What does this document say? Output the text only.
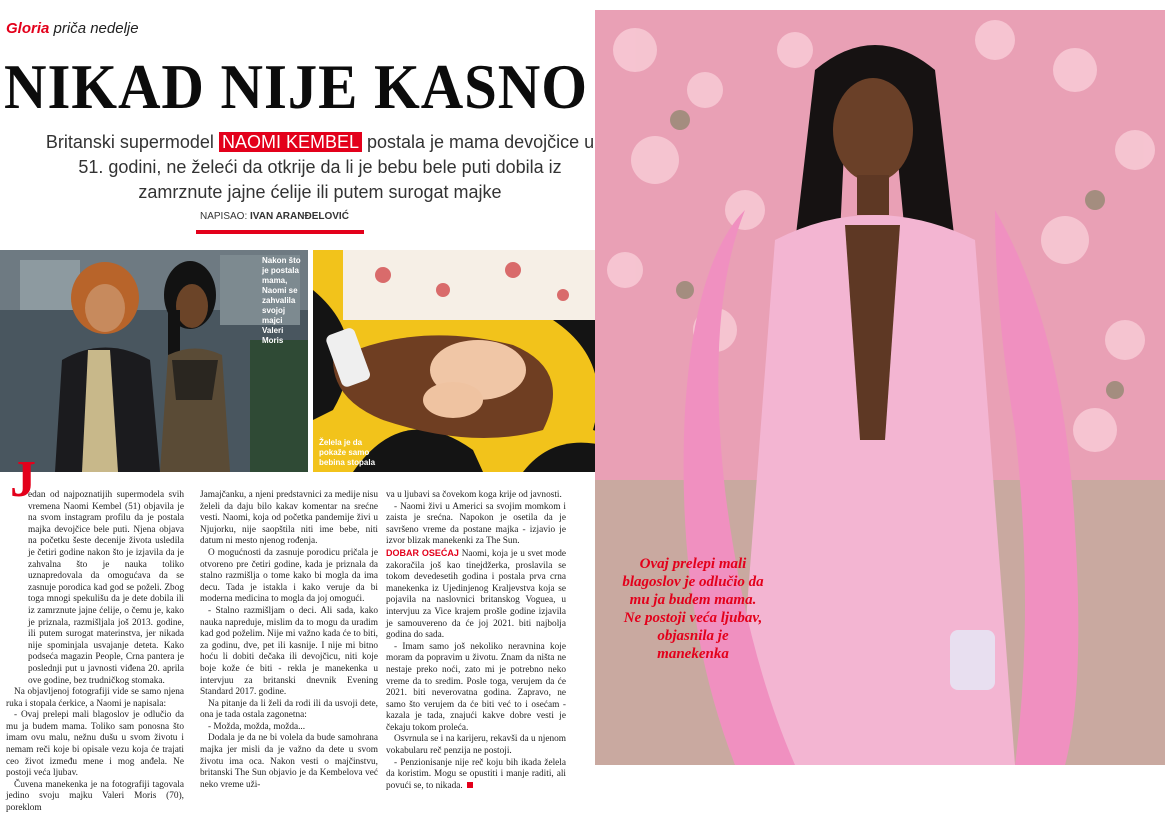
Gloria priča nedelje
NIKAD NIJE KASNO
Britanski supermodel NAOMI KEMBEL postala je mama devojčice u 51. godini, ne želeći da otkrije da li je bebu bele puti dobila iz zamrznute jajne ćelije ili putem surogat majke
NAPISAO: IVAN ARANĐELOVIĆ
Nakon što je postala mama, Naomi se zahvalila svojoj majci Valeri Moris
Želela je da pokaže samo bebina stopala
Ovaj prelepi mali blagoslov je odlučio da mu ja budem mama. Ne postoji veća ljubav, objasnila je manekenka
J

edan od najpoznatijih supermodela svih vremena Naomi Kembel (51) objavila je na svom instagram profilu da je postala majka devojčice bele puti. Njena objava na početku šeste decenije života usledila je četiri godine nakon što je izjavila da je zahvalna što je nauka toliko uznapredovala da omogućava da se zasnuje porodica kad god se poželi. Zbog toga mnogi spekulišu da je dete dobila ili iz zamrznute jajne ćelije, o čemu je, kako je priznala, razmišljala još 2013. godine, ili putem surogat materinstva, jer nikada nije spominjala usvajanje deteta. Kako podseća magazin People, Crna pantera je poslednji put u javnosti viđena 20. aprila ove godine, bez trudničkog stomaka.

Na objavljenoj fotografiji vide se samo njena ruka i stopala ćerkice, a Naomi je napisala:

- Ovaj prelepi mali blagoslov je odlučio da mu ja budem mama. Toliko sam ponosna što imam ovu malu, nežnu dušu u svom životu i nemam reči koje bi opisale vezu koja će trajati ceo život između mene i mog anđela. Ne postoji veća ljubav.

Čuvena manekenka je na fotografiji tagovala jedino svoju majku Valeri Moris (70), poreklom

Jamajčanku, a njeni predstavnici za medije nisu želeli da daju bilo kakav komentar na srećne vesti. Naomi, koja od početka pandemije živi u Njujorku, nije saopštila niti ime bebe, niti datum ni mesto njenog rođenja.

O mogućnosti da zasnuje porodicu pričala je otvoreno pre četiri godine, kada je priznala da stalno razmišlja o tome kako bi mogla da ima decu. Tada je istakla i kako veruje da bi moderna medicina to mogla da joj omogući.

- Stalno razmišljam o deci. Ali sada, kako nauka napreduje, mislim da to mogu da uradim kad god poželim. Nije mi važno kada će to biti, za godinu, dve, pet ili kasnije. I nije mi bitno hoću li dobiti dečaka ili devojčicu, niti koje boje kože će biti - rekla je manekenka u intervjuu za britanski dnevnik Evening Standard 2017. godine.

Na pitanje da li želi da rodi ili da usvoji dete, ona je tada ostala zagonetna:

- Možda, možda, možda...

Dodala je da ne bi volela da bude samohrana majka jer misli da je važno da dete u svom životu ima oca. Nakon vesti o majčinstvu, britanski The Sun objavio je da Kembelova već neko vreme uži-

va u ljubavi sa čovekom koga krije od javnosti.

- Naomi živi u Americi sa svojim momkom i zaista je srećna. Napokon je osetila da je savršeno vreme da postane majka - izjavio je izvor blizak manekenki za The Sun.

DOBAR OSEĆAJ Naomi, koja je u svet mode zakoračila još kao tinejdžerka, proslavila se tokom devedesetih godina i postala prva crna manekenka iz Ujedinjenog Kraljevstva koja se pojavila na naslovnici britanskog Voguea, u intervjuu za Vice krajem prošle godine izjavila je samouvereno da će joj 2021. biti najbolja godina do sada.

- Imam samo još nekoliko neravnina koje moram da popravim u životu. Znam da ništa ne nestaje preko noći, zato mi je potrebno neko vreme da to sredim. Posle toga, verujem da će 2021. biti neverovatna godina. Zapravo, ne samo što verujem da će biti već to i osećam - kazala je tada, znajući kakve dobre vesti je čekaju tokom proleća.

Osvrnula se i na karijeru, rekavši da u njenom vokabularu reč penzija ne postoji.

- Penzionisanje nije reč koju bih ikada želela da koristim. Mogu se opustiti i manje raditi, ali povući se, to nikada.
